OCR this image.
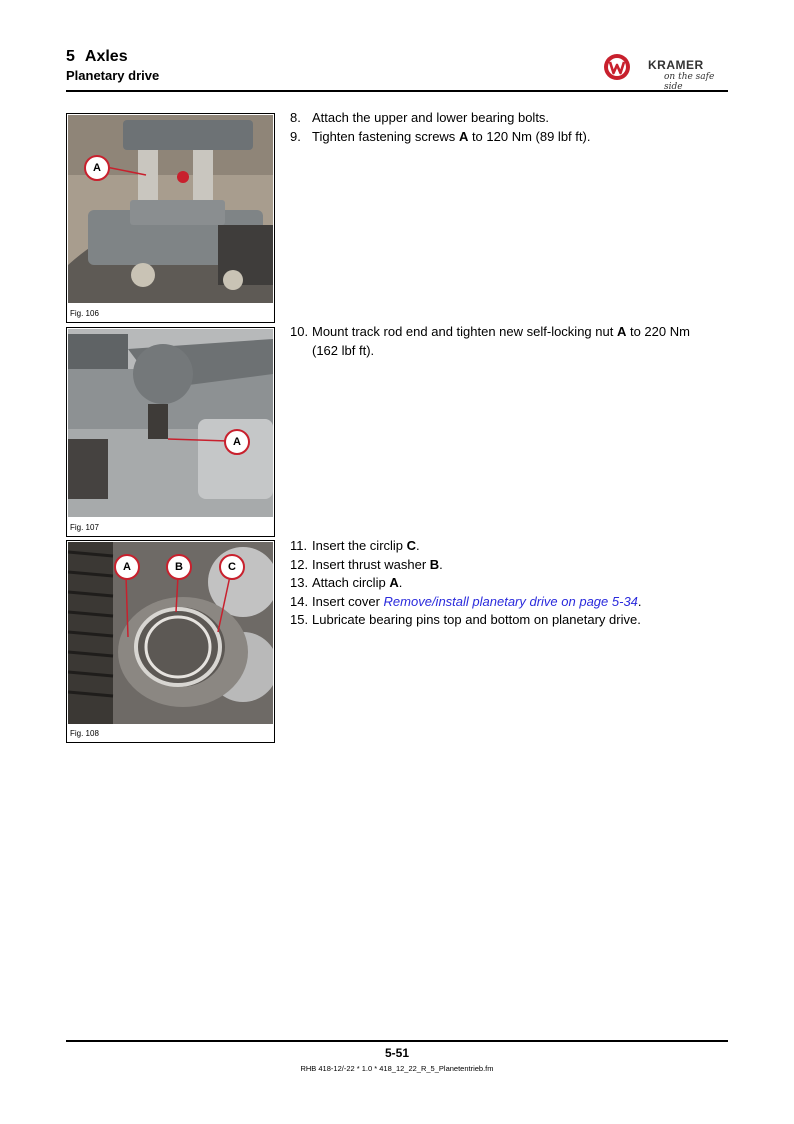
5 Axles
Planetary drive
KRAMER
on the safe side
A
Fig. 106
A
Fig. 107
A	B	C
Fig. 108
8. Attach the upper and lower bearing bolts.
9. Tighten fastening screws A to 120 Nm (89 lbf ft).
10. Mount track rod end and tighten new self-locking nut A to 220 Nm
(162 lbf ft).
11. Insert the circlip C.
12. Insert thrust washer B.
13. Attach circlip A.
14. Insert cover Remove/install planetary drive on page 5-34.
15. Lubricate bearing pins top and bottom on planetary drive.
5-51
RHB 418-12/-22 * 1.0 * 418_12_22_R_5_Planetentrieb.fm
